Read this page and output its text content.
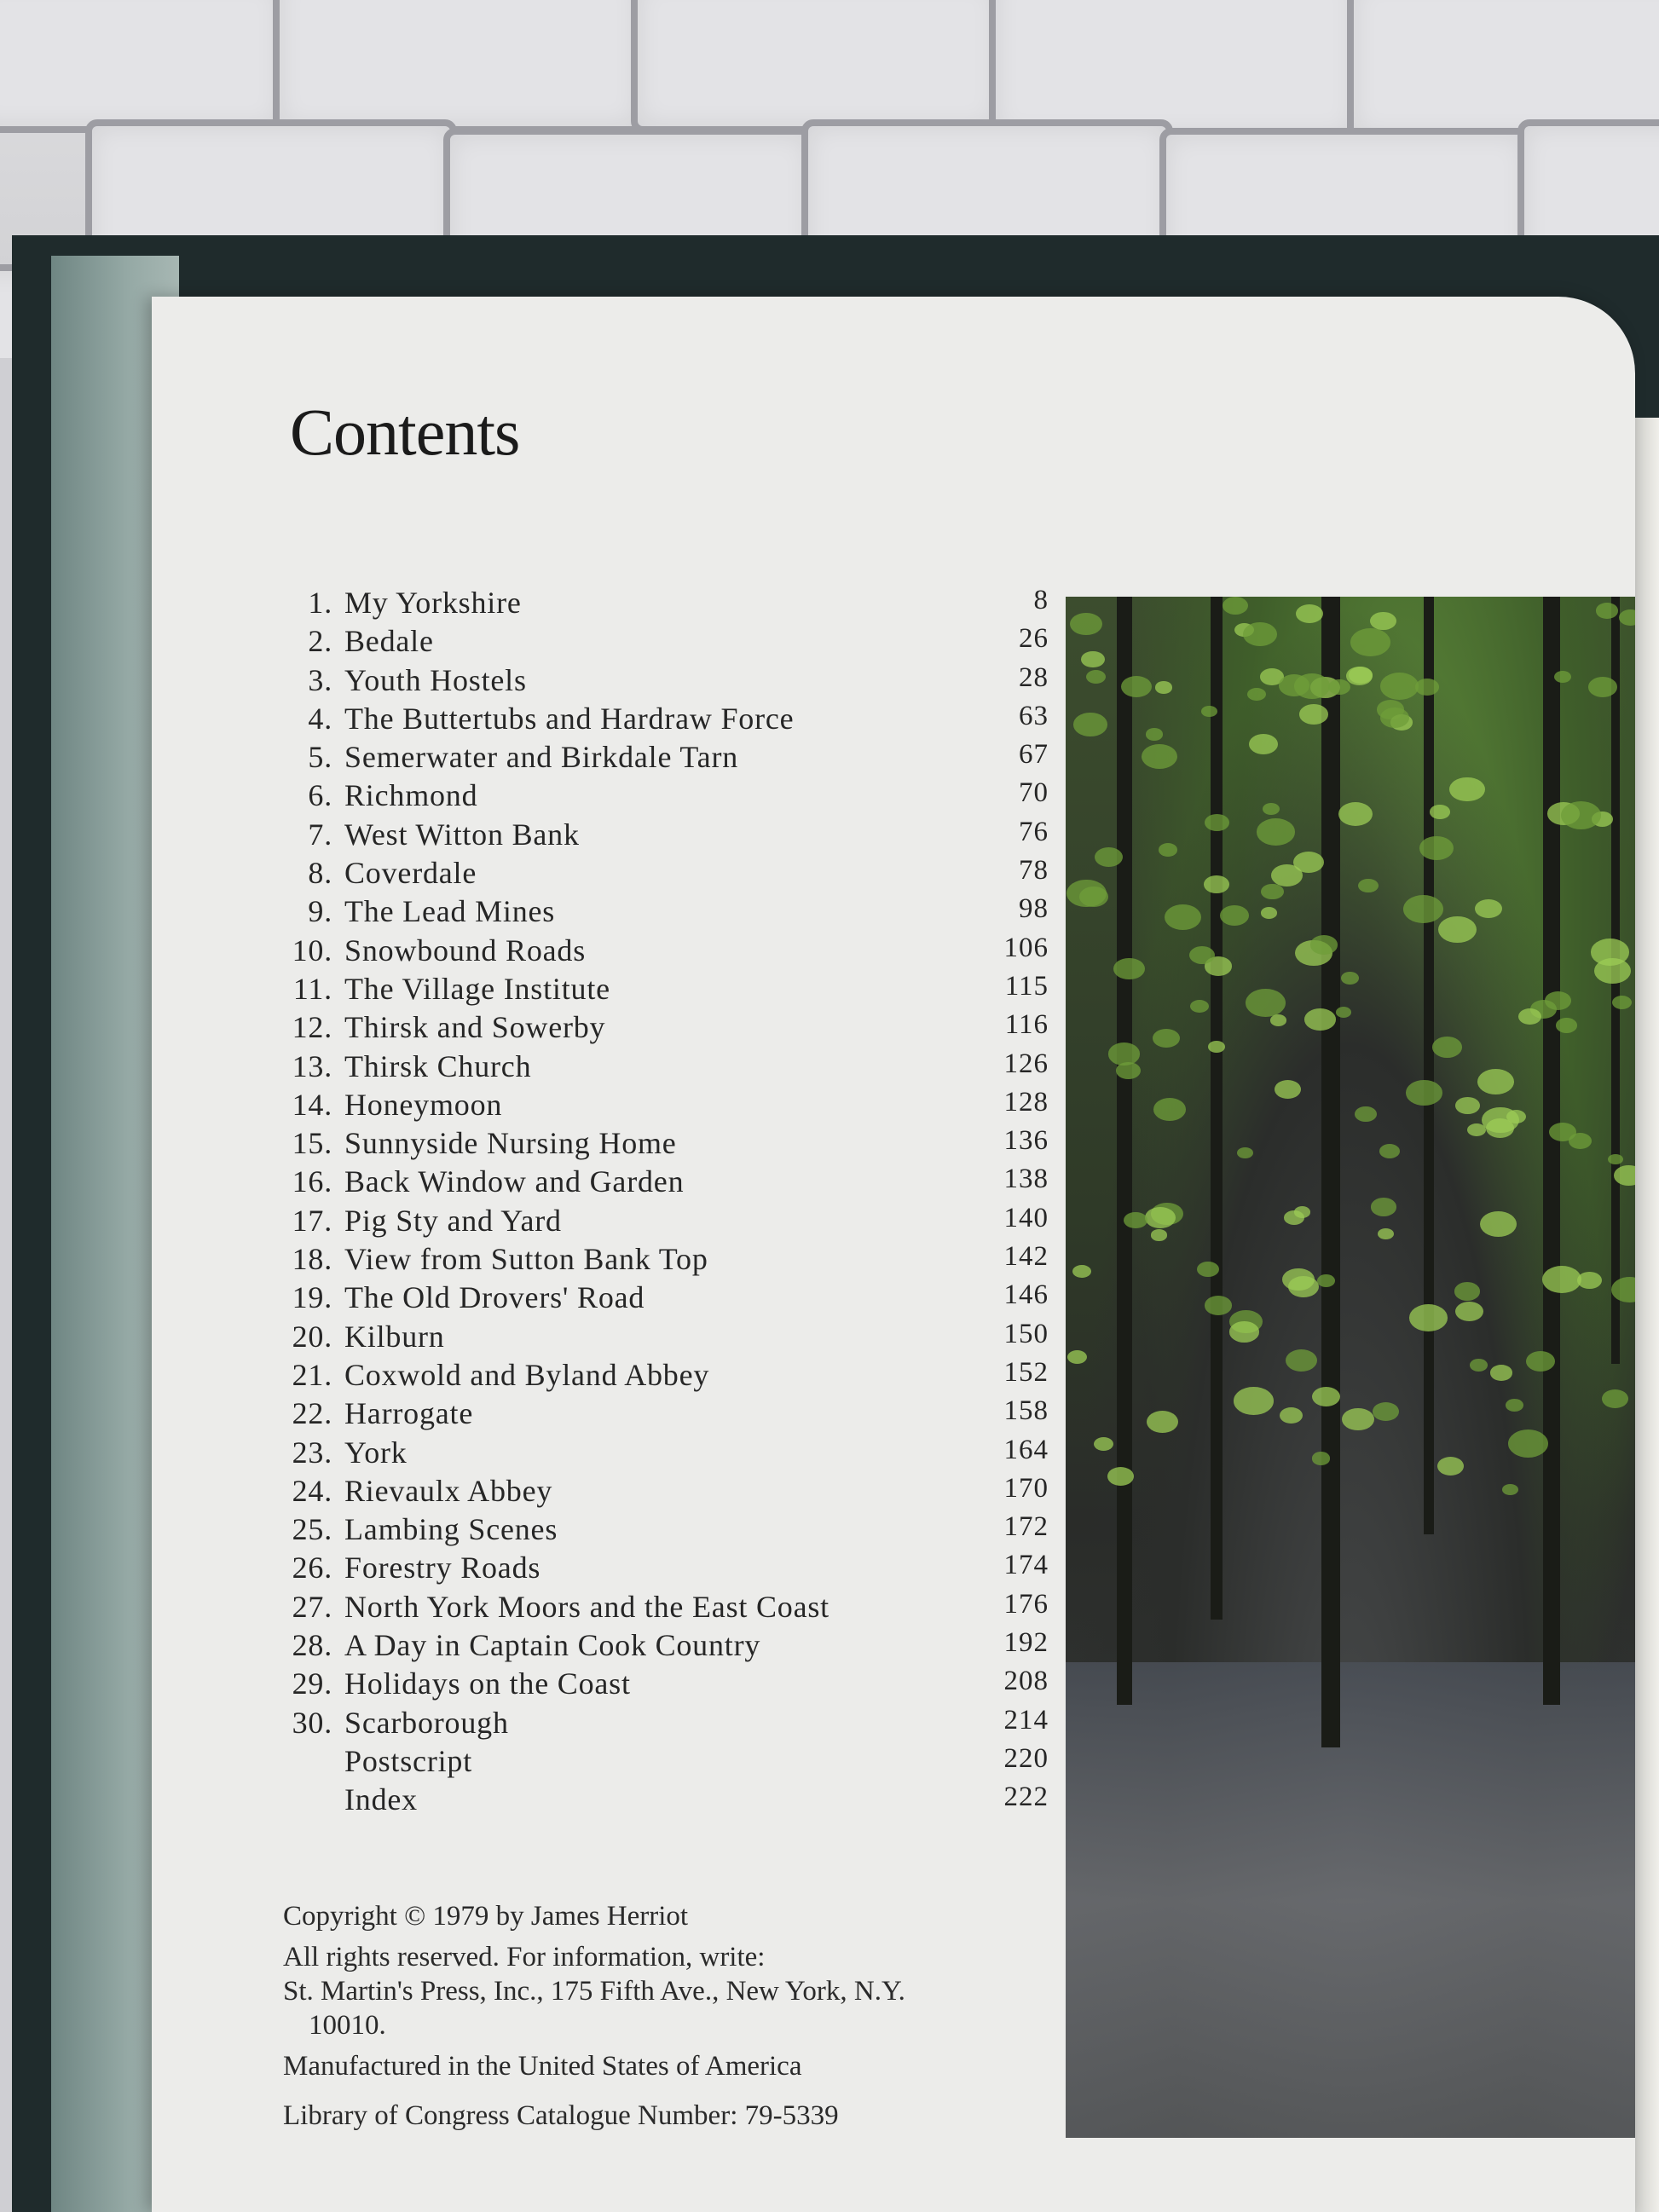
Contents
1. My Yorkshire	8
2. Bedale	26
3. Youth Hostels	28
4. The Buttertubs and Hardraw Force	63
5. Semerwater and Birkdale Tarn	67
6. Richmond	70
7. West Witton Bank	76
8. Coverdale	78
9. The Lead Mines	98
10. Snowbound Roads	106
11. The Village Institute	115
12. Thirsk and Sowerby	116
13. Thirsk Church	126
14. Honeymoon	128
15. Sunnyside Nursing Home	136
16. Back Window and Garden	138
17. Pig Sty and Yard	140
18. View from Sutton Bank Top	142
19. The Old Drovers' Road	146
20. Kilburn	150
21. Coxwold and Byland Abbey	152
22. Harrogate	158
23. York	164
24. Rievaulx Abbey	170
25. Lambing Scenes	172
26. Forestry Roads	174
27. North York Moors and the East Coast	176
28. A Day in Captain Cook Country	192
29. Holidays on the Coast	208
30. Scarborough	214
Postscript	220
Index	222

Copyright © 1979 by James Herriot

All rights reserved. For information, write:

St. Martin's Press, Inc., 175 Fifth Ave., New York, N.Y.

10010.

Manufactured in the United States of America

Library of Congress Catalogue Number: 79-5339
